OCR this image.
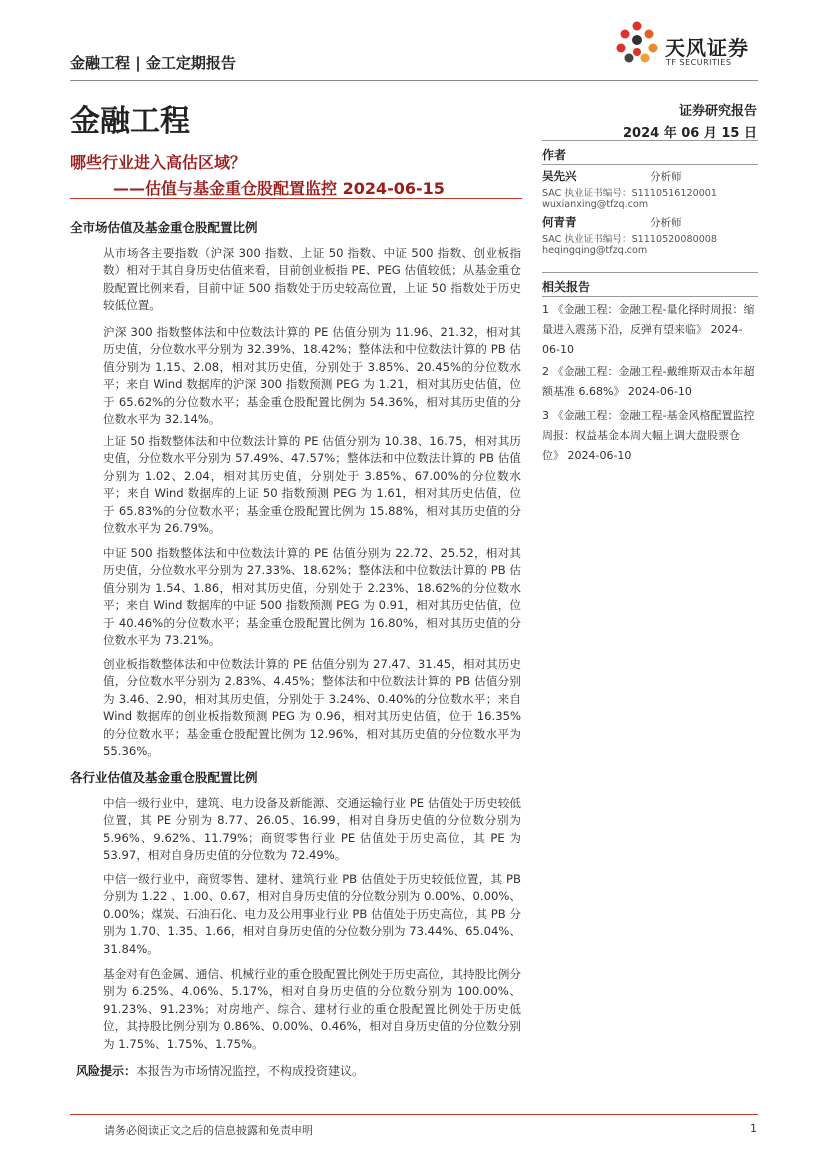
金融工程 | 金工定期报告
天风证券
TF SECURITIES
金融工程	证券研究报告
2024 年 06 月 15 日
哪些行业进入高估区域？
——估值与基金重仓股配置监控 2024-06-15
全市场估值及基金重仓股配置比例
从市场各主要指数（沪深 300 指数、上证 50 指数、中证 500 指数、创业板指数）相对于其自身历史估值来看，目前创业板指 PE、PEG 估值较低；从基金重仓股配置比例来看，目前中证 500 指数处于历史较高位置，上证 50 指数处于历史较低位置。
沪深 300 指数整体法和中位数法计算的 PE 估值分别为 11.96、21.32，相对其历史值，分位数水平分别为 32.39%、18.42%；整体法和中位数法计算的 PB 估值分别为 1.15、2.08，相对其历史值，分别处于 3.85%、20.45%的分位数水平；来自 Wind 数据库的沪深 300 指数预测 PEG 为 1.21，相对其历史估值，位于 65.62%的分位数水平；基金重仓股配置比例为 54.36%，相对其历史值的分位数水平为 32.14%。
上证 50 指数整体法和中位数法计算的 PE 估值分别为 10.38、16.75，相对其历史值，分位数水平分别为 57.49%、47.57%；整体法和中位数法计算的 PB 估值分别为 1.02、2.04，相对其历史值，分别处于 3.85%、67.00%的分位数水平；来自 Wind 数据库的上证 50 指数预测 PEG 为 1.61，相对其历史估值，位于 65.83%的分位数水平；基金重仓股配置比例为 15.88%，相对其历史值的分位数水平为 26.79%。
中证 500 指数整体法和中位数法计算的 PE 估值分别为 22.72、25.52，相对其历史值，分位数水平分别为 27.33%、18.62%；整体法和中位数法计算的 PB 估值分别为 1.54、1.86，相对其历史值，分别处于 2.23%、18.62%的分位数水平；来自 Wind 数据库的中证 500 指数预测 PEG 为 0.91，相对其历史估值，位于 40.46%的分位数水平；基金重仓股配置比例为 16.80%，相对其历史值的分位数水平为 73.21%。
创业板指数整体法和中位数法计算的 PE 估值分别为 27.47、31.45，相对其历史值，分位数水平分别为 2.83%、4.45%；整体法和中位数法计算的 PB 估值分别为 3.46、2.90，相对其历史值，分别处于 3.24%、0.40%的分位数水平；来自 Wind 数据库的创业板指数预测 PEG 为 0.96，相对其历史估值，位于 16.35%的分位数水平；基金重仓股配置比例为 12.96%，相对其历史值的分位数水平为 55.36%。
各行业估值及基金重仓股配置比例
中信一级行业中，建筑、电力设备及新能源、交通运输行业 PE 估值处于历史较低位置，其 PE 分别为 8.77、26.05、16.99，相对自身历史值的分位数分别为 5.96%、9.62%、11.79%；商贸零售行业 PE 估值处于历史高位，其 PE 为 53.97，相对自身历史值的分位数为 72.49%。
中信一级行业中，商贸零售、建材、建筑行业 PB 估值处于历史较低位置，其 PB 分别为 1.22 、1.00、0.67，相对自身历史值的分位数分别为 0.00%、0.00%、0.00%；煤炭、石油石化、电力及公用事业行业 PB 估值处于历史高位，其 PB 分别为 1.70、1.35、1.66，相对自身历史值的分位数分别为 73.44%、65.04%、31.84%。
基金对有色金属、通信、机械行业的重仓股配置比例处于历史高位，其持股比例分别为 6.25%、4.06%、5.17%，相对自身历史值的分位数分别为 100.00%、91.23%、91.23%；对房地产、综合、建材行业的重仓股配置比例处于历史低位，其持股比例分别为 0.86%、0.00%、0.46%，相对自身历史值的分位数分别为 1.75%、1.75%、1.75%。
风险提示：本报告为市场情况监控，不构成投资建议。
作者
吴先兴	分析师
SAC 执业证书编号：S1110516120001
wuxianxing@tfzq.com
何青青	分析师
SAC 执业证书编号：S1110520080008
heqingqing@tfzq.com
相关报告
1 《金融工程：金融工程-量化择时周报：缩量进入震荡下沿，反弹有望来临》 2024-06-10
2 《金融工程：金融工程-戴维斯双击本年超额基准 6.68%》 2024-06-10
3 《金融工程：金融工程-基金风格配置监控周报：权益基金本周大幅上调大盘股票仓位》 2024-06-10
请务必阅读正文之后的信息披露和免责申明	1
